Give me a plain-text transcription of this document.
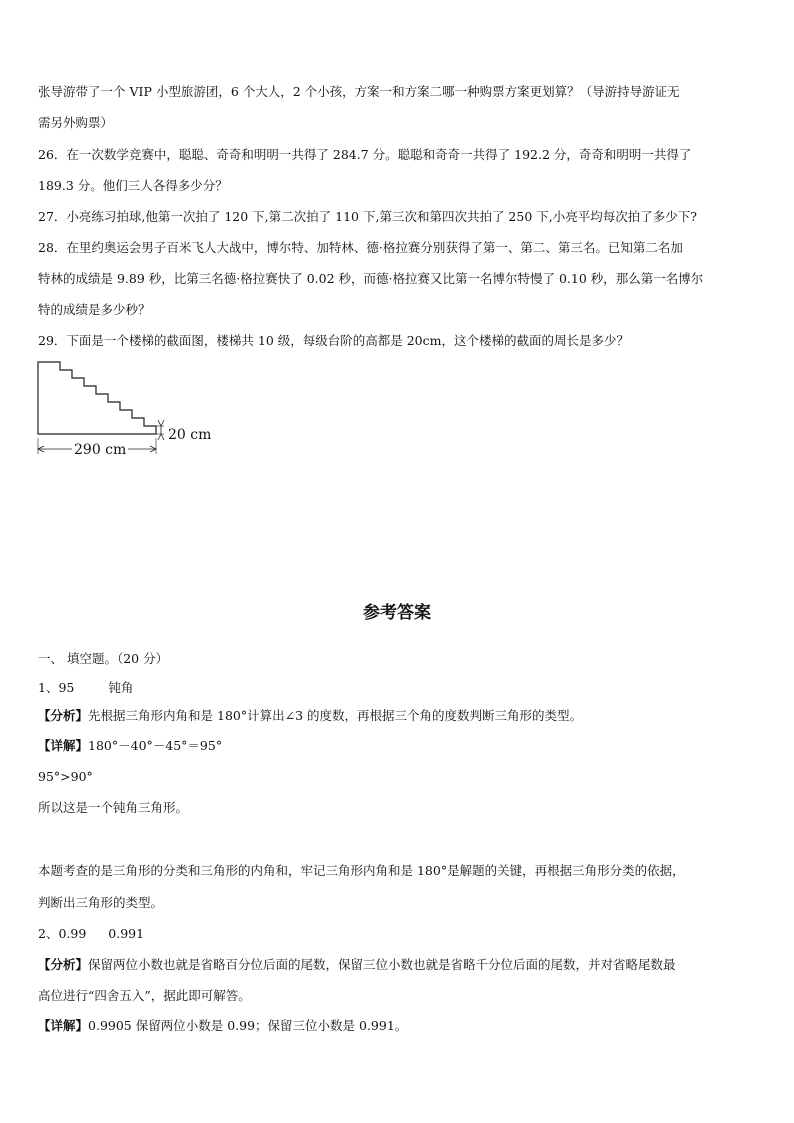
张导游带了一个 VIP 小型旅游团，6 个大人，2 个小孩，方案一和方案二哪一种购票方案更划算？（导游持导游证无
需另外购票）
26．在一次数学竞赛中，聪聪、奇奇和明明一共得了 284.7 分。聪聪和奇奇一共得了 192.2 分，奇奇和明明一共得了
189.3 分。他们三人各得多少分？
27．小亮练习拍球,他第一次拍了 120 下,第二次拍了 110 下,第三次和第四次共拍了 250 下,小亮平均每次拍了多少下?
28．在里约奥运会男子百米飞人大战中，博尔特、加特林、德·格拉赛分别获得了第一、第二、第三名。已知第二名加
特林的成绩是 9.89 秒，比第三名德·格拉赛快了 0.02 秒，而德·格拉赛又比第一名博尔特慢了 0.10 秒，那么第一名博尔
特的成绩是多少秒？
29．下面是一个楼梯的截面图，楼梯共 10 级，每级台阶的高都是 20cm，这个楼梯的截面的周长是多少？
20 cm
290 cm
参考答案
一、 填空题。（20 分）
1、95	钝角
【分析】先根据三角形内角和是 180°计算出∠3 的度数，再根据三个角的度数判断三角形的类型。
【详解】180°－40°－45°＝95°
95°>90°
所以这是一个钝角三角形。
本题考查的是三角形的分类和三角形的内角和，牢记三角形内角和是 180°是解题的关键，再根据三角形分类的依据，
判断出三角形的类型。
2、0.99 0.991
【分析】保留两位小数也就是省略百分位后面的尾数，保留三位小数也就是省略千分位后面的尾数，并对省略尾数最
高位进行“四舍五入”，据此即可解答。
【详解】0.9905 保留两位小数是 0.99；保留三位小数是 0.991。
